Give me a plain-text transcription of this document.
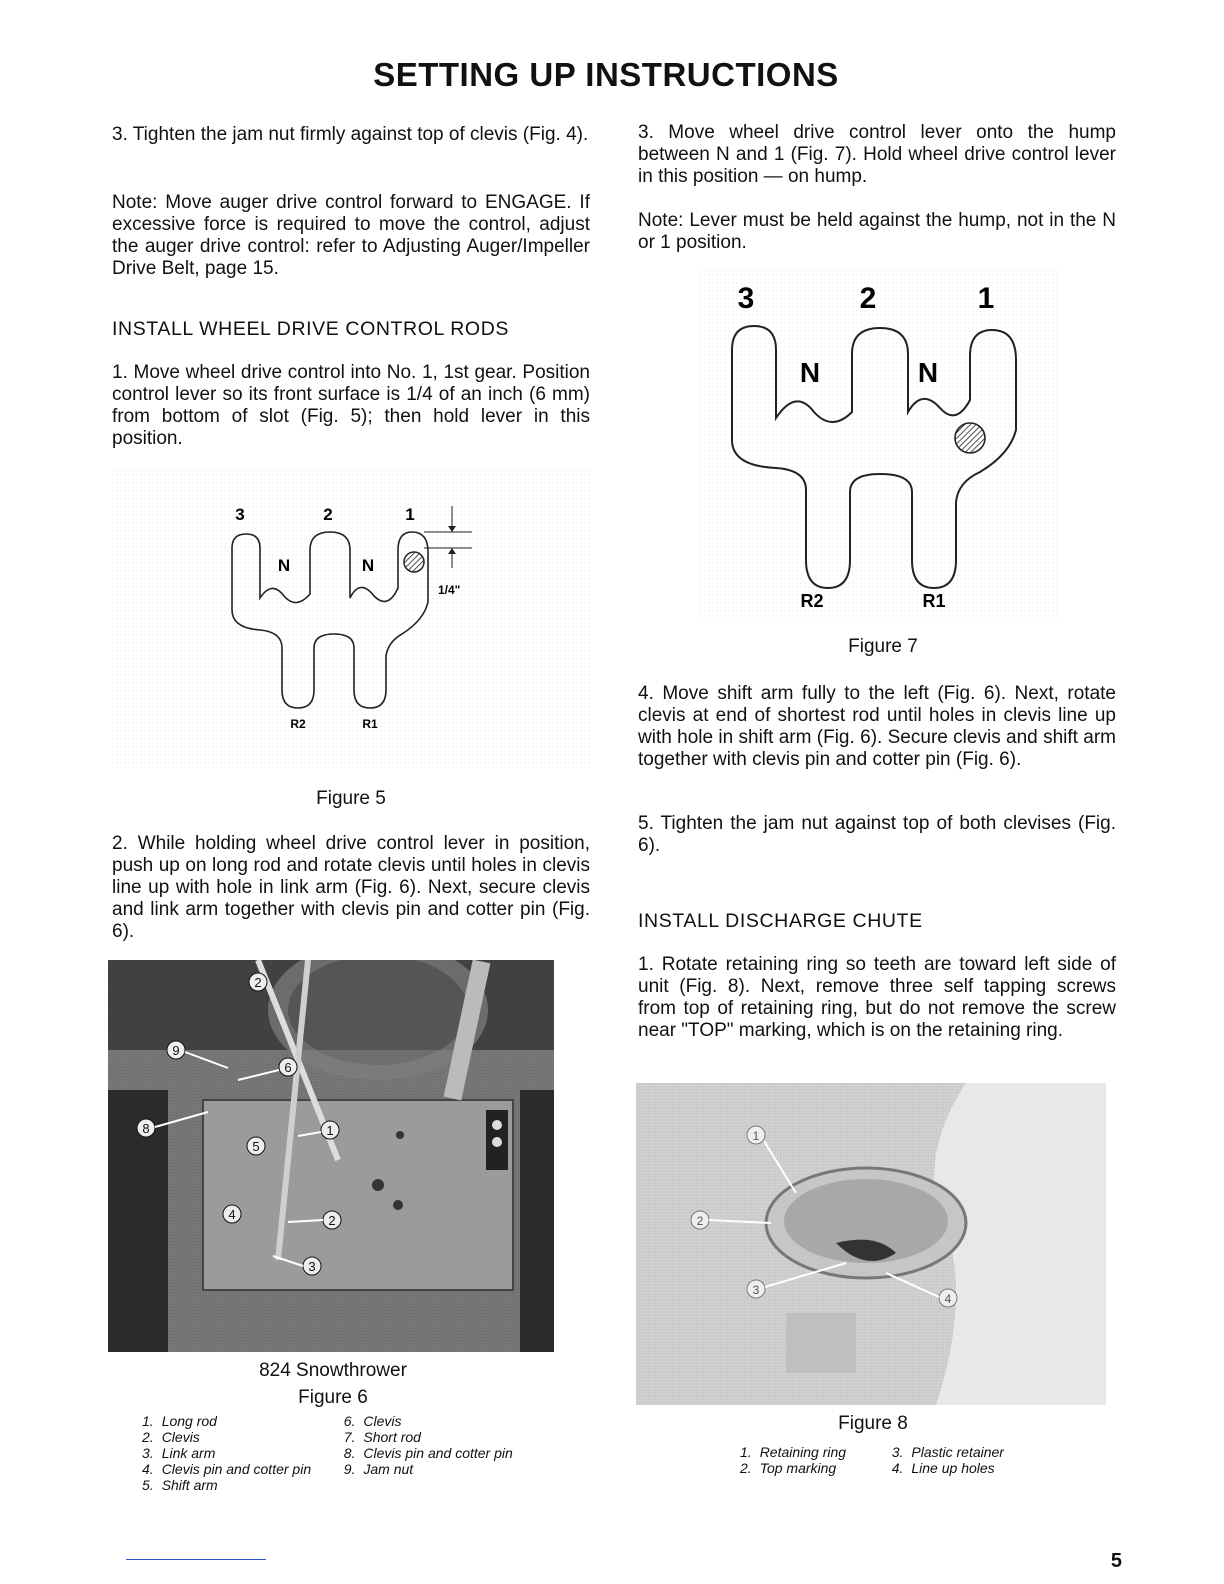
SETTING UP INSTRUCTIONS

3. Tighten the jam nut firmly against top of clevis (Fig. 4).

Note: Move auger drive control forward to ENGAGE. If excessive force is required to move the control, adjust the auger drive control: refer to Adjusting Auger/Impeller Drive Belt, page 15.

INSTALL WHEEL DRIVE CONTROL RODS

1. Move wheel drive control into No. 1, 1st gear. Position control lever so its front surface is 1/4 of an inch (6 mm) from bottom of slot (Fig. 5); then hold lever in this position.

3	2	1
N	N
R2	R1
1/4"
Figure 5

2. While holding wheel drive control lever in position, push up on long rod and rotate clevis until holes in clevis line up with hole in link arm (Fig. 6). Next, secure clevis and link arm together with clevis pin and cotter pin (Fig. 6).

2
9
6
8	1
5
4	2
3
824 Snowthrower
Figure 6
1.	Long rod	6.	Clevis
2.	Clevis	7.	Short rod
3.	Link arm	8.	Clevis pin and cotter pin
4.	Clevis pin and cotter pin	9.	Jam nut
5.	Shift arm		

3. Move wheel drive control lever onto the hump between N and 1 (Fig. 7). Hold wheel drive control lever in this position — on hump.

Note: Lever must be held against the hump, not in the N or 1 position.

3	2	1
N	N
R2	R1
Figure 7

4. Move shift arm fully to the left (Fig. 6). Next, rotate clevis at end of shortest rod until holes in clevis line up with hole in shift arm (Fig. 6). Secure clevis and shift arm together with clevis pin and cotter pin (Fig. 6).

5. Tighten the jam nut against top of both clevises (Fig. 6).

INSTALL DISCHARGE CHUTE

1. Rotate retaining ring so teeth are toward left side of unit (Fig. 8). Next, remove three self tapping screws from top of retaining ring, but do not remove the screw near "TOP" marking, which is on the retaining ring.

1
2
3
4
Figure 8
1.	Retaining ring	3.	Plastic retainer
2.	Top marking	4.	Line up holes
5
